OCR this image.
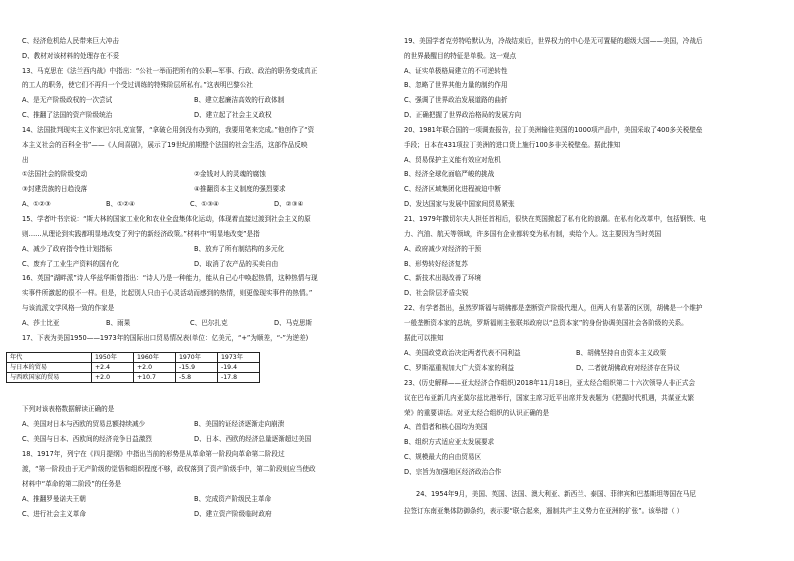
C、经济危机给人民带来巨大冲击
D、教材对该材料的处理存在不妥
13、马克思在《法兰西内战》中指出：“公社一举而把所有的公职—军事、行政、政治的职务变成真正
的工人的职务，使它们不再归一个受过训练的特殊阶层所私有。”这表明巴黎公社
A、是无产阶级政权的一次尝试	B、建立起廉洁高效的行政体制
C、推翻了法国的资产阶级统治	D、建立起了社会主义政权
14、法国批判现实主义作家巴尔扎克宣誓，“拿破仑用剑没有办到的，我要用笔来完成。”他创作了“资
本主义社会的百科全书”——《人间喜剧》，展示了19世纪前期整个法国的社会生活，这部作品反映
出
①法国社会的阶级变动	②金钱对人的灵魂的腐蚀
③封建贵族的日趋没落	④推翻资本主义制度的强烈要求
A、①②③	B、①②④	C、①③④	D、②③④
15、学者叶书宗说：“斯大林的国家工业化和农业全盘集体化运动，体现着直接过渡到社会主义的原
则……从理论到实践都明显地改变了列宁的新经济政策。”材料中“明显地改变”是指
A、减少了政府指令性计划指标	B、放弃了所有制结构的多元化
C、废弃了工业生产资料的国有化	D、取消了农产品的买卖自由
16、英国“湖畔派”诗人华兹华斯曾指出：“诗人乃是一种能力，能从自己心中唤起热情，这种热情与现
实事件所激起的很不一样。但是，比起别人只由于心灵活动而感到的热情，则更像现实事件的热情。”
与该流派文学风格一致的作家是
A、莎士比亚	B、雨果	C、巴尔扎克	D、马克思斯
17、下表为美国1950——1973年的国际出口贸易情况表(单位：亿美元，“+”为顺差，“-”为逆差)
下列对该表格数据解读正确的是
A、美国对日本与西欧的贸易总额持续减少	B、美国的证经济逐渐走向崩溃
C、美国与日本、西欧间的经济竞争日益激烈	D、日本、西欧的经济总量逐渐超过美国
18、1917年，列宁在《四月提纲》中指出当前的形势是从革命第一阶段向革命第二阶段过
渡，“第一阶段由于无产阶级的觉悟和组织程度不够，政权落到了资产阶级手中，第二阶段则应当使政
材料中“革命的第二阶段”的任务是
A、推翻罗曼诺夫王朝	B、完成资产阶级民主革命
C、进行社会主义革命	D、建立资产阶级临时政府
19、美国学者克劳特哈默认为，冷战结束后，世界权力的中心是无可置疑的超级大国——美国，冷战后
的世界最醒目的特征是单极。这一观点
A、证实单极格局建立的不可逆转性
B、忽略了世界其他力量的制约作用
C、强调了世界政治发展道路的曲折
D、正确把握了世界政治格局的发展方向
20、1981年联合国的一项调查报告，拉丁美洲输往美国的1000项产品中，美国采取了400多关税壁垒
手段；日本在431项拉丁美洲的进口货上施行100多非关税壁垒。据此推知
A、贸易保护主义能有效应对危机
B、经济全球化面临严峻的挑战
C、经济区域集团化进程被迫中断
D、发达国家与发展中国家间贸易紧张
21、1979年撒切尔夫人担任首相后，很快在英国掀起了私有化的浪潮。在私有化改革中，包括钢铁、电
力、汽油、航天等领域，许多国有企业都转变为私有制，卖给个人。这主要因为当时英国
A、政府减少对经济的干预
B、形势转好经济复苏
C、新技术出现改善了环境
D、社会阶层矛盾尖锐
22、有学者指出，虽然罗斯福与胡佛都是垄断资产阶级代理人，但两人有显著的区别，胡佛是一个维护
一般垄断资本家的总统，罗斯福则主张联邦政府以“总资本家”的身份协调美国社会各阶级的关系。
据此可以推知
A、美国政党政治决定两者代表不同利益	B、胡佛坚持自由资本主义政策
C、罗斯福重视加大广大资本家的利益	D、二者就胡佛政府对经济存在异议
23、(历史解释——亚太经济合作组织)2018年11月18日，亚太经合组织第二十六次领导人非正式会
议在巴布亚新几内亚莫尔兹比港举行，国家主席习近平出席并发表题为《把握时代机遇，共谋亚太繁
荣》的重要讲话。对亚太经合组织的认识正确的是
A、首倡者和核心国均为美国
B、组织方式适应亚太发展要求
C、规模最大的自由贸易区
D、宗旨为加强地区经济政治合作
24、1954年9月，美国、英国、法国、澳大利亚、新西兰、泰国、菲律宾和巴基斯坦等国在马尼
拉签订东南亚集体防御条约，表示要“联合起来，遏制共产主义势力在亚洲的扩张”。该举措（ ）
年代	1950年	1960年	1970年	1973年
与日本的贸易	+2.4	+2.0	-15.9	-19.4
与西欧国家的贸易	+2.0	+10.7	-5.8	-17.8
